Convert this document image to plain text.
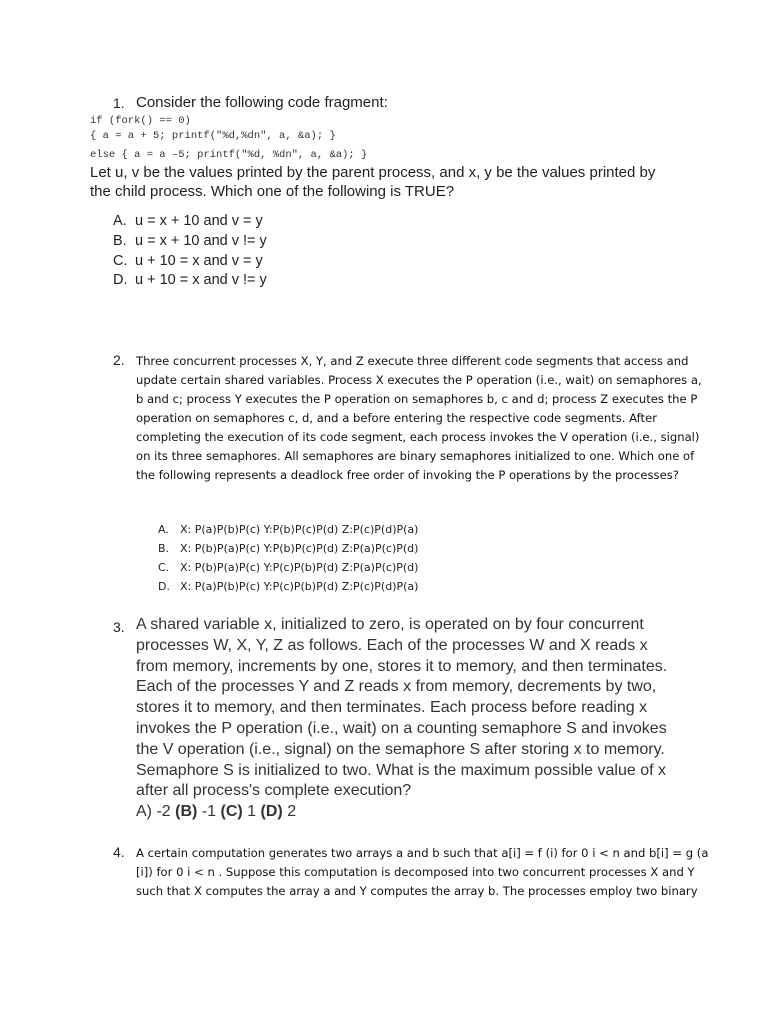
1. Consider the following code fragment:
if (fork() == 0)
{ a = a + 5; printf("%d,%dn", a, &a); }
else { a = a –5; printf("%d, %dn", a, &a); }
Let u, v be the values printed by the parent process, and x, y be the values printed by
the child process. Which one of the following is TRUE?
A. u = x + 10 and v = y
B. u = x + 10 and v != y
C. u + 10 = x and v = y
D. u + 10 = x and v != y
2. Three concurrent processes X, Y, and Z execute three different code segments that access and
update certain shared variables. Process X executes the P operation (i.e., wait) on semaphores a,
b and c; process Y executes the P operation on semaphores b, c and d; process Z executes the P
operation on semaphores c, d, and a before entering the respective code segments. After
completing the execution of its code segment, each process invokes the V operation (i.e., signal)
on its three semaphores. All semaphores are binary semaphores initialized to one. Which one of
the following represents a deadlock free order of invoking the P operations by the processes?
A. X: P(a)P(b)P(c) Y:P(b)P(c)P(d) Z:P(c)P(d)P(a)
B. X: P(b)P(a)P(c) Y:P(b)P(c)P(d) Z:P(a)P(c)P(d)
C. X: P(b)P(a)P(c) Y:P(c)P(b)P(d) Z:P(a)P(c)P(d)
D. X: P(a)P(b)P(c) Y:P(c)P(b)P(d) Z:P(c)P(d)P(a)
3. A shared variable x, initialized to zero, is operated on by four concurrent
processes W, X, Y, Z as follows. Each of the processes W and X reads x
from memory, increments by one, stores it to memory, and then terminates.
Each of the processes Y and Z reads x from memory, decrements by two,
stores it to memory, and then terminates. Each process before reading x
invokes the P operation (i.e., wait) on a counting semaphore S and invokes
the V operation (i.e., signal) on the semaphore S after storing x to memory.
Semaphore S is initialized to two. What is the maximum possible value of x
after all process's complete execution?
A) -2 (B) -1 (C) 1 (D) 2
4. A certain computation generates two arrays a and b such that a[i] = f (i) for 0 i < n and b[i] = g (a
[i]) for 0 i < n . Suppose this computation is decomposed into two concurrent processes X and Y
such that X computes the array a and Y computes the array b. The processes employ two binary
